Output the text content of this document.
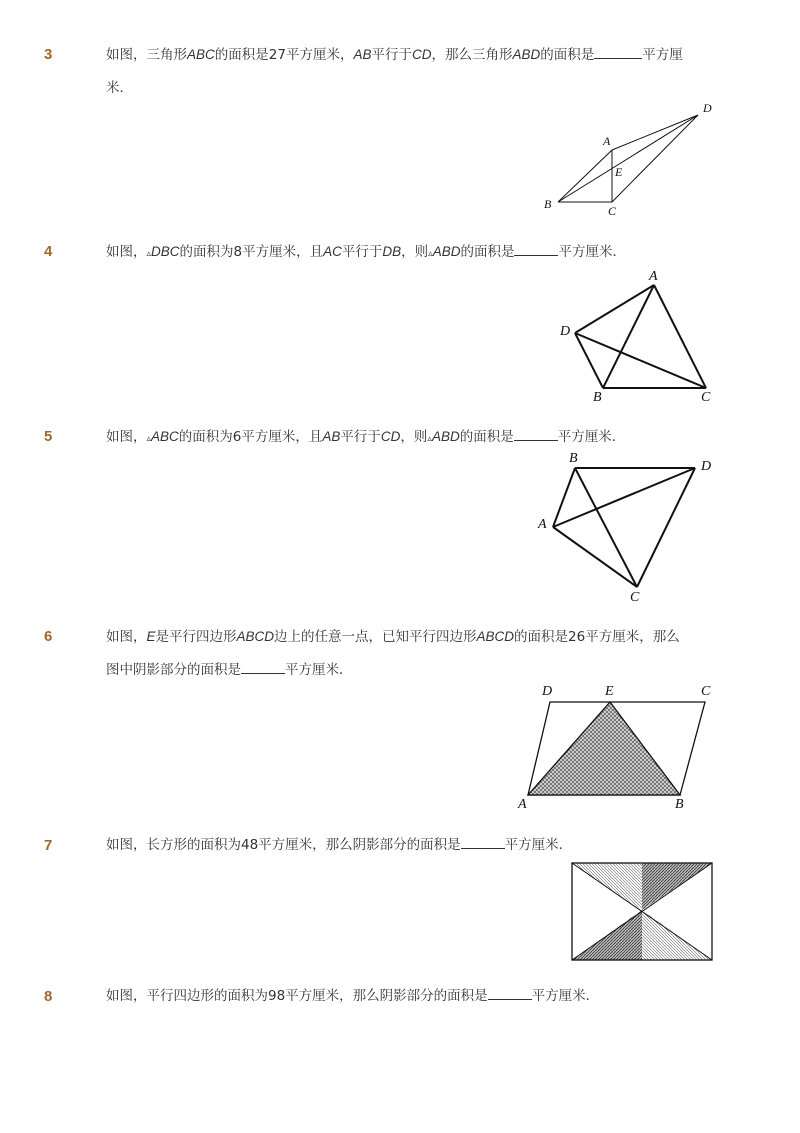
3	如图，三角形ABC的面积是27平方厘米，AB平行于CD，那么三角形ABD的面积是	平方厘
米．
A
B	C
D
E
4	如图，▵DBC的面积为8平方厘米，且AC平行于DB，则▵ABD的面积是	平方厘米．
A
D
B	C
5	如图，▵ABC的面积为6平方厘米，且AB平行于CD，则▵ABD的面积是	平方厘米．
B
D
A
C
6	如图，E是平行四边形ABCD边上的任意一点，已知平行四边形ABCD的面积是26平方厘米，那么
图中阴影部分的面积是	平方厘米．
D	E	C
A	B
7	如图，长方形的面积为48平方厘米，那么阴影部分的面积是	平方厘米．
8	如图，平行四边形的面积为98平方厘米，那么阴影部分的面积是	平方厘米．
